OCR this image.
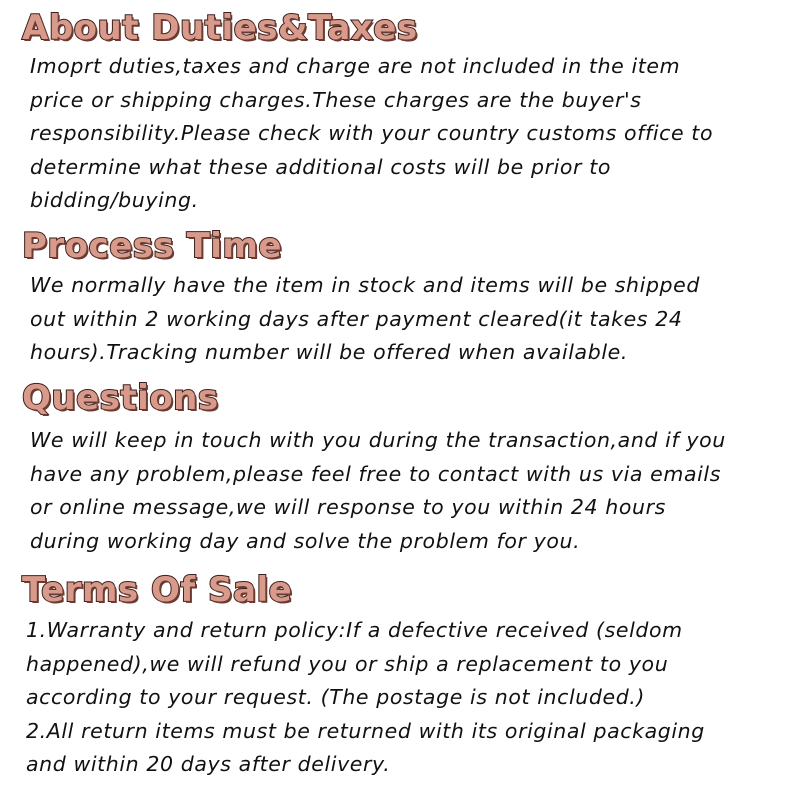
About Duties&Taxes

Imoprt duties,taxes and charge are not included in the item
price or shipping charges.These charges are the buyer's
responsibility.Please check with your country customs office to
determine what these additional costs will be prior to
bidding/buying.

Process Time

We normally have the item in stock and items will be shipped
out within 2 working days after payment cleared(it takes 24
hours).Tracking number will be offered when available.

Questions

We will keep in touch with you during the transaction,and if you
have any problem,please feel free to contact with us via emails
or online message,we will response to you within 24 hours
during working day and solve the problem for you.

Terms Of Sale

1.Warranty and return policy:If a defective received (seldom
happened),we will refund you or ship a replacement to you
according to your request. (The postage is not included.)
2.All return items must be returned with its original packaging
and within 20 days after delivery.
